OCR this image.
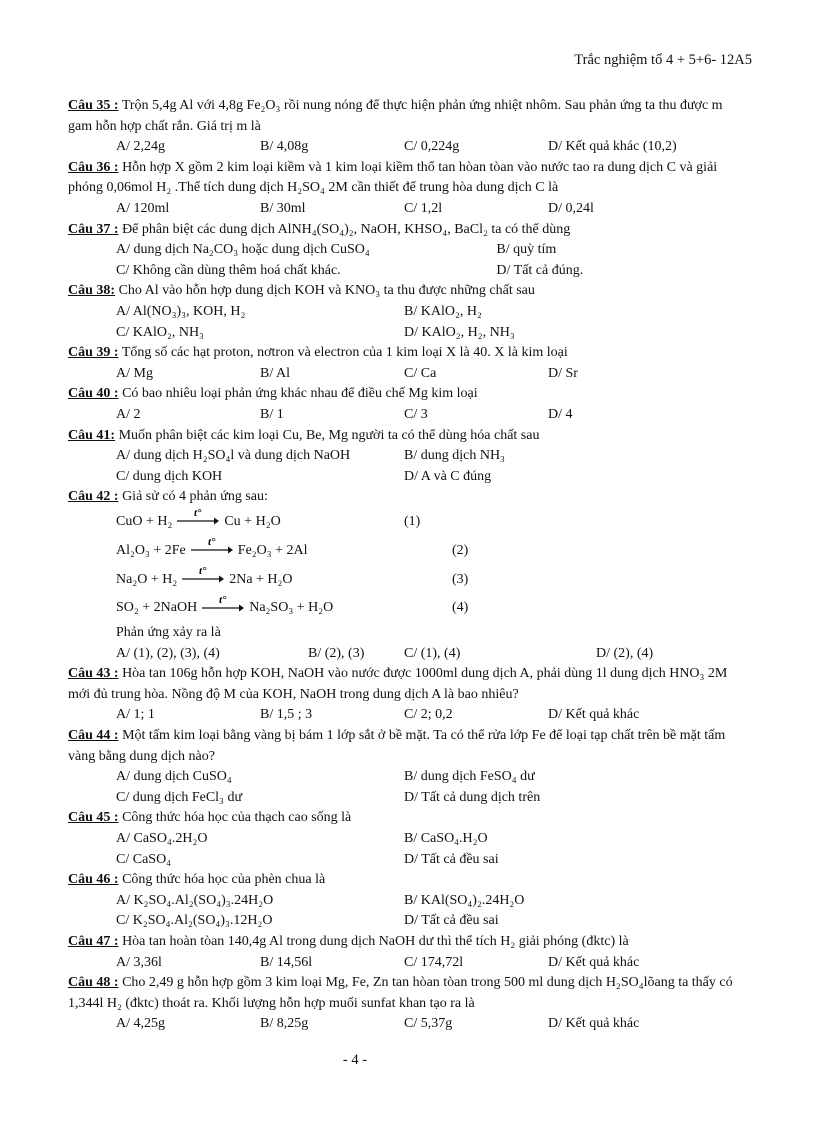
Trắc nghiệm tổ 4 + 5+6- 12A5

Câu 35 : Trộn 5,4g Al với 4,8g Fe₂O₃ rồi nung nóng để thực hiện phản ứng nhiệt nhôm. Sau phản ứng ta thu được m gam hỗn hợp chất rắn. Giá trị m là

A/ 2,24g	B/ 4,08g	C/ 0,224g	D/ Kết quả khác (10,2)

Câu 36 : Hỗn hợp X gồm 2 kim loại kiềm và 1 kim loại kiềm thổ tan hòan tòan vào nước tao ra dung dịch C và giải phóng 0,06mol H₂ .Thể tích dung dịch H₂SO₄ 2M cần thiết để trung hòa dung dịch C là

A/ 120ml	B/ 30ml	C/ 1,2l	D/ 0,24l

Câu 37 : Để phân biệt các dung dịch AlNH₄(SO₄)₂, NaOH, KHSO₄, BaCl₂ ta có thể dùng

A/ dung dịch Na₂CO₃ hoặc dung dịch CuSO₄	B/ quỳ tím
C/ Không cần dùng thêm hoá chất khác.	D/ Tất cả đúng.

Câu 38: Cho Al vào hỗn hợp dung dịch KOH và KNO₃ ta thu được những chất sau

A/ Al(NO₃)₃, KOH, H₂	B/ KAlO₂, H₂
C/ KAlO₂, NH₃	D/ KAlO₂, H₂, NH₃

Câu 39 : Tổng số các hạt proton, nơtron và electron của 1 kim loại X là 40. X là kim loại

A/ Mg	B/ Al	C/ Ca	D/ Sr

Câu 40 : Có bao nhiêu loại phản ứng khác nhau để điều chế Mg kim loại

A/ 2	B/ 1	C/ 3	D/ 4

Câu 41: Muốn phân biệt các kim loại Cu, Be, Mg người ta có thể dùng hóa chất sau

A/ dung dịch H₂SO₄l và dung dịch NaOH	B/ dung dịch NH₃
C/ dung dịch KOH	D/ A và C đúng

Câu 42 : Giả sử có 4 phản ứng sau:

CuO + H₂
t°
Cu + H₂O	(1)
Al₂O₃ + 2Fe
t°
Fe₂O₃ + 2Al	(2)
Na₂O + H₂
t°
2Na + H₂O	(3)
SO₂ + 2NaOH
t°
Na₂SO₃ + H₂O	(4)
Phản ứng xảy ra là
A/ (1), (2), (3), (4)	B/ (2), (3)	C/ (1), (4)	D/ (2), (4)

Câu 43 : Hòa tan 106g hỗn hợp KOH, NaOH vào nước được 1000ml dung dịch A, phải dùng 1l dung dịch HNO₃ 2M mới đủ trung hòa. Nồng độ M của KOH, NaOH trong dung dịch A là bao nhiêu?

A/ 1; 1	B/ 1,5 ; 3	C/ 2; 0,2	D/ Kết quả khác

Câu 44 : Một tấm kim loại bằng vàng bị bám 1 lớp sắt ở bề mặt. Ta có thể rửa lớp Fe để loại tạp chất trên bề mặt tấm vàng bằng dung dịch nào?

A/ dung dịch CuSO₄	B/ dung dịch FeSO₄ dư
C/ dung dịch FeCl₃ dư	D/ Tất cả dung dịch trên

Câu 45 : Công thức hóa học của thạch cao sống là

A/ CaSO₄.2H₂O	B/ CaSO₄.H₂O
C/ CaSO₄	D/ Tất cả đều sai

Câu 46 : Công thức hóa học của phèn chua là

A/ K₂SO₄.Al₂(SO₄)₃.24H₂O	B/ KAl(SO₄)₂.24H₂O
C/ K₂SO₄.Al₂(SO₄)₃.12H₂O	D/ Tất cả đều sai

Câu 47 : Hòa tan hoàn tòan 140,4g Al trong dung dịch NaOH dư thì thể tích H₂ giải phóng (đktc) là

A/ 3,36l	B/ 14,56l	C/ 174,72l	D/ Kết quả khác

Câu 48 : Cho 2,49 g hỗn hợp gồm 3 kim loại Mg, Fe, Zn tan hòan tòan trong 500 ml dung dịch H₂SO₄lõang ta thấy có 1,344l H₂ (đktc) thoát ra. Khối lượng hỗn hợp muối sunfat khan tạo ra là

A/ 4,25g	B/ 8,25g	C/ 5,37g	D/ Kết quả khác
- 4 -
